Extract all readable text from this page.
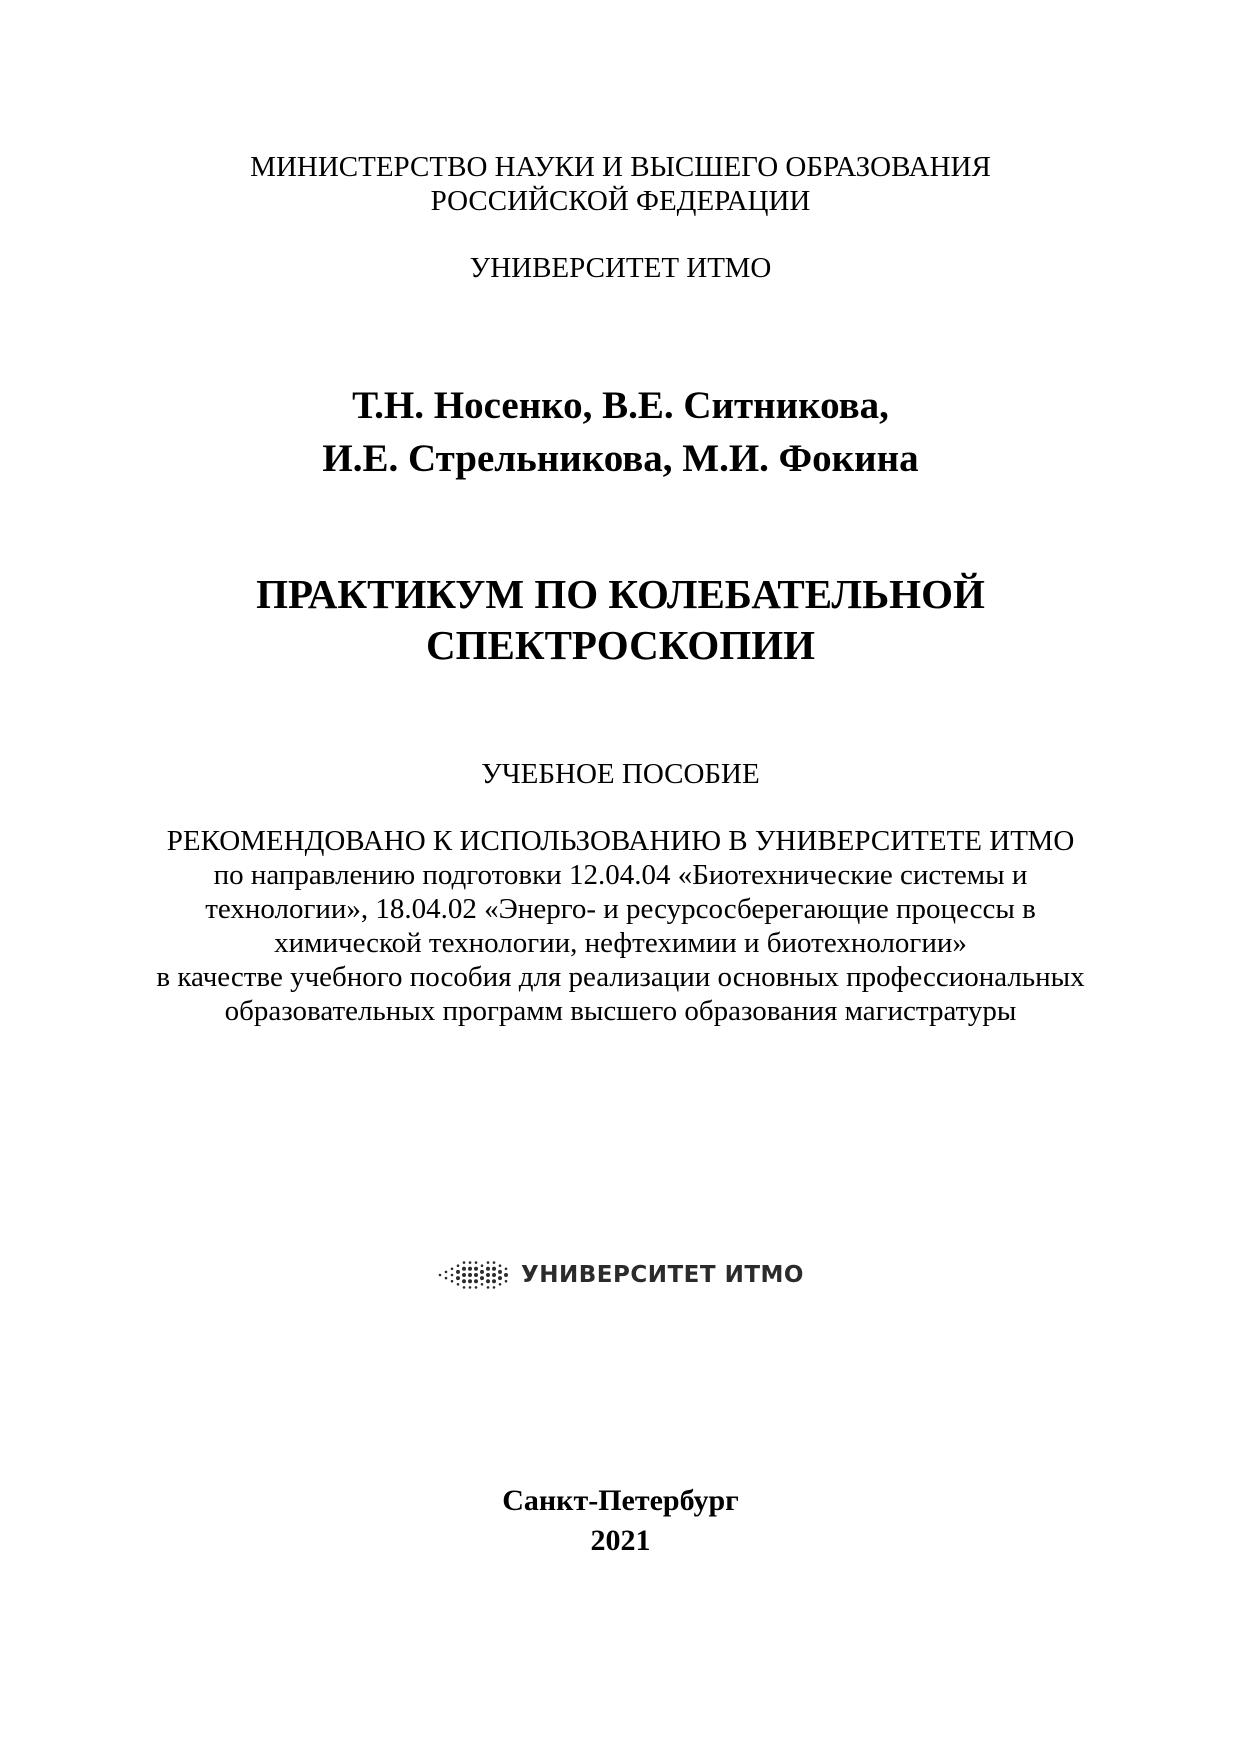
МИНИСТЕРСТВО НАУКИ И ВЫСШЕГО ОБРАЗОВАНИЯ
РОССИЙСКОЙ ФЕДЕРАЦИИ
УНИВЕРСИТЕТ ИТМО
Т.Н. Носенко, В.Е. Ситникова,
И.Е. Стрельникова, М.И. Фокина
ПРАКТИКУМ ПО КОЛЕБАТЕЛЬНОЙ
СПЕКТРОСКОПИИ
УЧЕБНОЕ ПОСОБИЕ
РЕКОМЕНДОВАНО К ИСПОЛЬЗОВАНИЮ В УНИВЕРСИТЕТЕ ИТМО
по направлению подготовки 12.04.04 «Биотехнические системы и
технологии», 18.04.02 «Энерго- и ресурсосберегающие процессы в
химической технологии, нефтехимии и биотехнологии»
в качестве учебного пособия для реализации основных профессиональных
образовательных программ высшего образования магистратуры
УНИВЕРСИТЕТ ИТМО
Санкт-Петербург
2021
